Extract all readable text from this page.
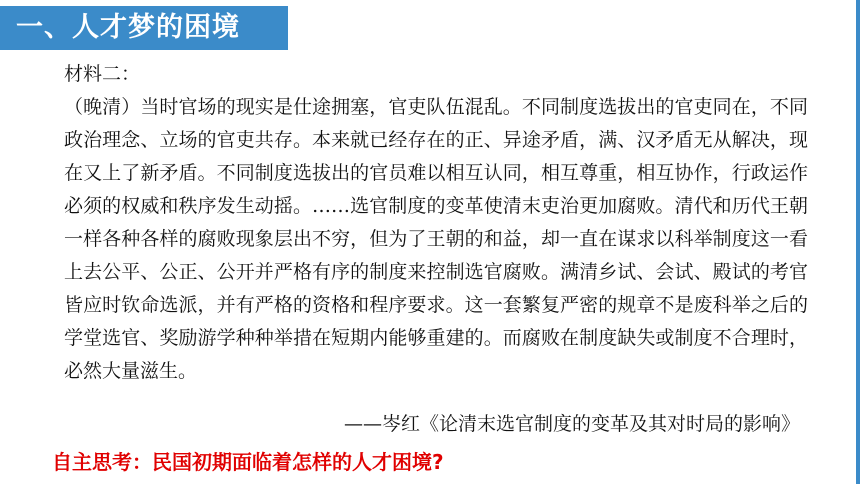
一、人才梦的困境
材料二：
（晚清）当时官场的现实是仕途拥塞，官吏队伍混乱。不同制度选拔出的官吏同在，不同政治理念、立场的官吏共存。本来就已经存在的正、异途矛盾，满、汉矛盾无从解决，现在又上了新矛盾。不同制度选拔出的官员难以相互认同，相互尊重，相互协作，行政运作必须的权威和秩序发生动摇。……选官制度的变革使清末吏治更加腐败。清代和历代王朝一样各种各样的腐败现象层出不穷，但为了王朝的和益，却一直在谋求以科举制度这一看上去公平、公正、公开并严格有序的制度来控制选官腐败。满清乡试、会试、殿试的考官皆应时钦命选派，并有严格的资格和程序要求。这一套繁复严密的规章不是废科举之后的学堂选官、奖励游学种种举措在短期内能够重建的。而腐败在制度缺失或制度不合理时，必然大量滋生。
——岑红《论清末选官制度的变革及其对时局的影响》
自主思考：民国初期面临着怎样的人才困境?
